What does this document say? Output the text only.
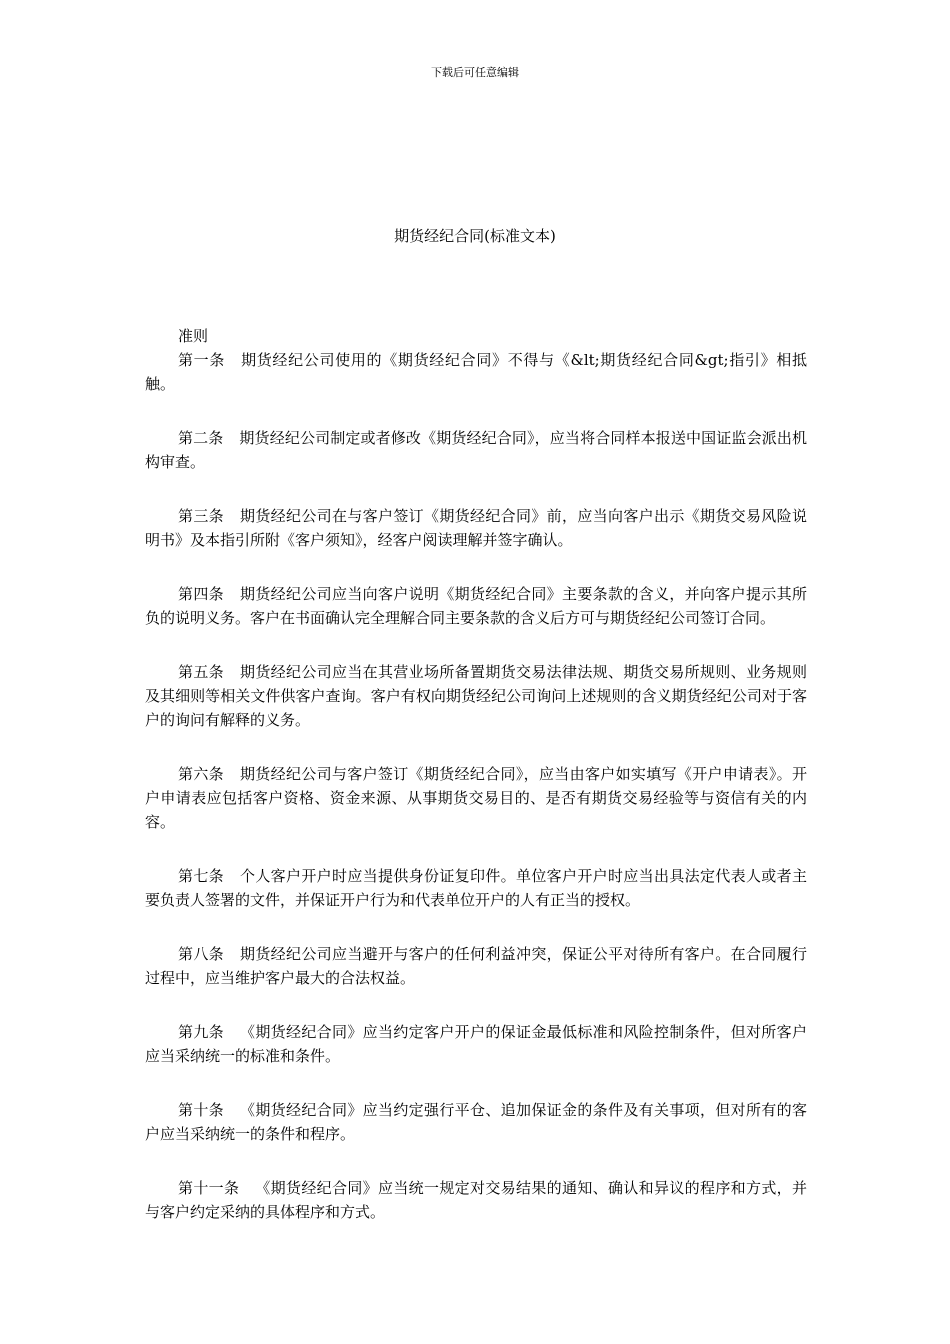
下载后可任意编辑
期货经纪合同(标准文本)

准则

第一条 期货经纪公司使用的《期货经纪合同》不得与《&lt;期货经纪合同&gt;指引》相抵触。

第二条 期货经纪公司制定或者修改《期货经纪合同》，应当将合同样本报送中国证监会派出机构审查。

第三条 期货经纪公司在与客户签订《期货经纪合同》前，应当向客户出示《期货交易风险说明书》及本指引所附《客户须知》，经客户阅读理解并签字确认。

第四条 期货经纪公司应当向客户说明《期货经纪合同》主要条款的含义，并向客户提示其所负的说明义务。客户在书面确认完全理解合同主要条款的含义后方可与期货经纪公司签订合同。

第五条 期货经纪公司应当在其营业场所备置期货交易法律法规、期货交易所规则、业务规则及其细则等相关文件供客户查询。客户有权向期货经纪公司询问上述规则的含义期货经纪公司对于客户的询问有解释的义务。

第六条 期货经纪公司与客户签订《期货经纪合同》，应当由客户如实填写《开户申请表》。开户申请表应包括客户资格、资金来源、从事期货交易目的、是否有期货交易经验等与资信有关的内容。

第七条 个人客户开户时应当提供身份证复印件。单位客户开户时应当出具法定代表人或者主要负责人签署的文件，并保证开户行为和代表单位开户的人有正当的授权。

第八条 期货经纪公司应当避开与客户的任何利益冲突，保证公平对待所有客户。在合同履行过程中，应当维护客户最大的合法权益。

第九条 《期货经纪合同》应当约定客户开户的保证金最低标准和风险控制条件，但对所客户应当采纳统一的标准和条件。

第十条 《期货经纪合同》应当约定强行平仓、追加保证金的条件及有关事项，但对所有的客户应当采纳统一的条件和程序。

第十一条 《期货经纪合同》应当统一规定对交易结果的通知、确认和异议的程序和方式，并与客户约定采纳的具体程序和方式。
